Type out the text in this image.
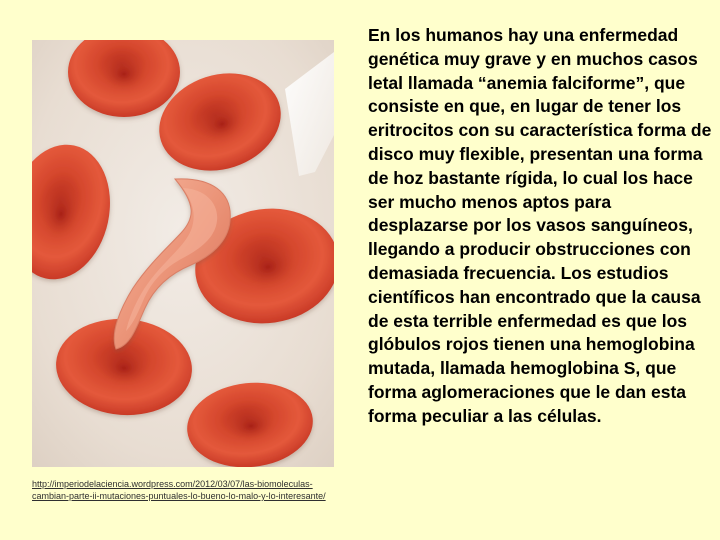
http://imperiodelaciencia.wordpress.com/2012/03/07/las-biomoleculas-cambian-parte-ii-mutaciones-puntuales-lo-bueno-lo-malo-y-lo-interesante/
En los humanos hay una enfermedad genética muy grave y en muchos casos letal llamada “anemia falciforme”, que consiste en que, en lugar de tener los eritrocitos con su característica forma de disco muy flexible, presentan una forma de hoz bastante rígida, lo cual los hace ser mucho menos aptos para desplazarse por los vasos sanguíneos, llegando a producir obstrucciones con demasiada frecuencia. Los estudios científicos han encontrado que la causa de esta terrible enfermedad es que los glóbulos rojos tienen una hemoglobina mutada, llamada hemoglobina S, que forma aglomeraciones que le dan esta forma peculiar a las células.
